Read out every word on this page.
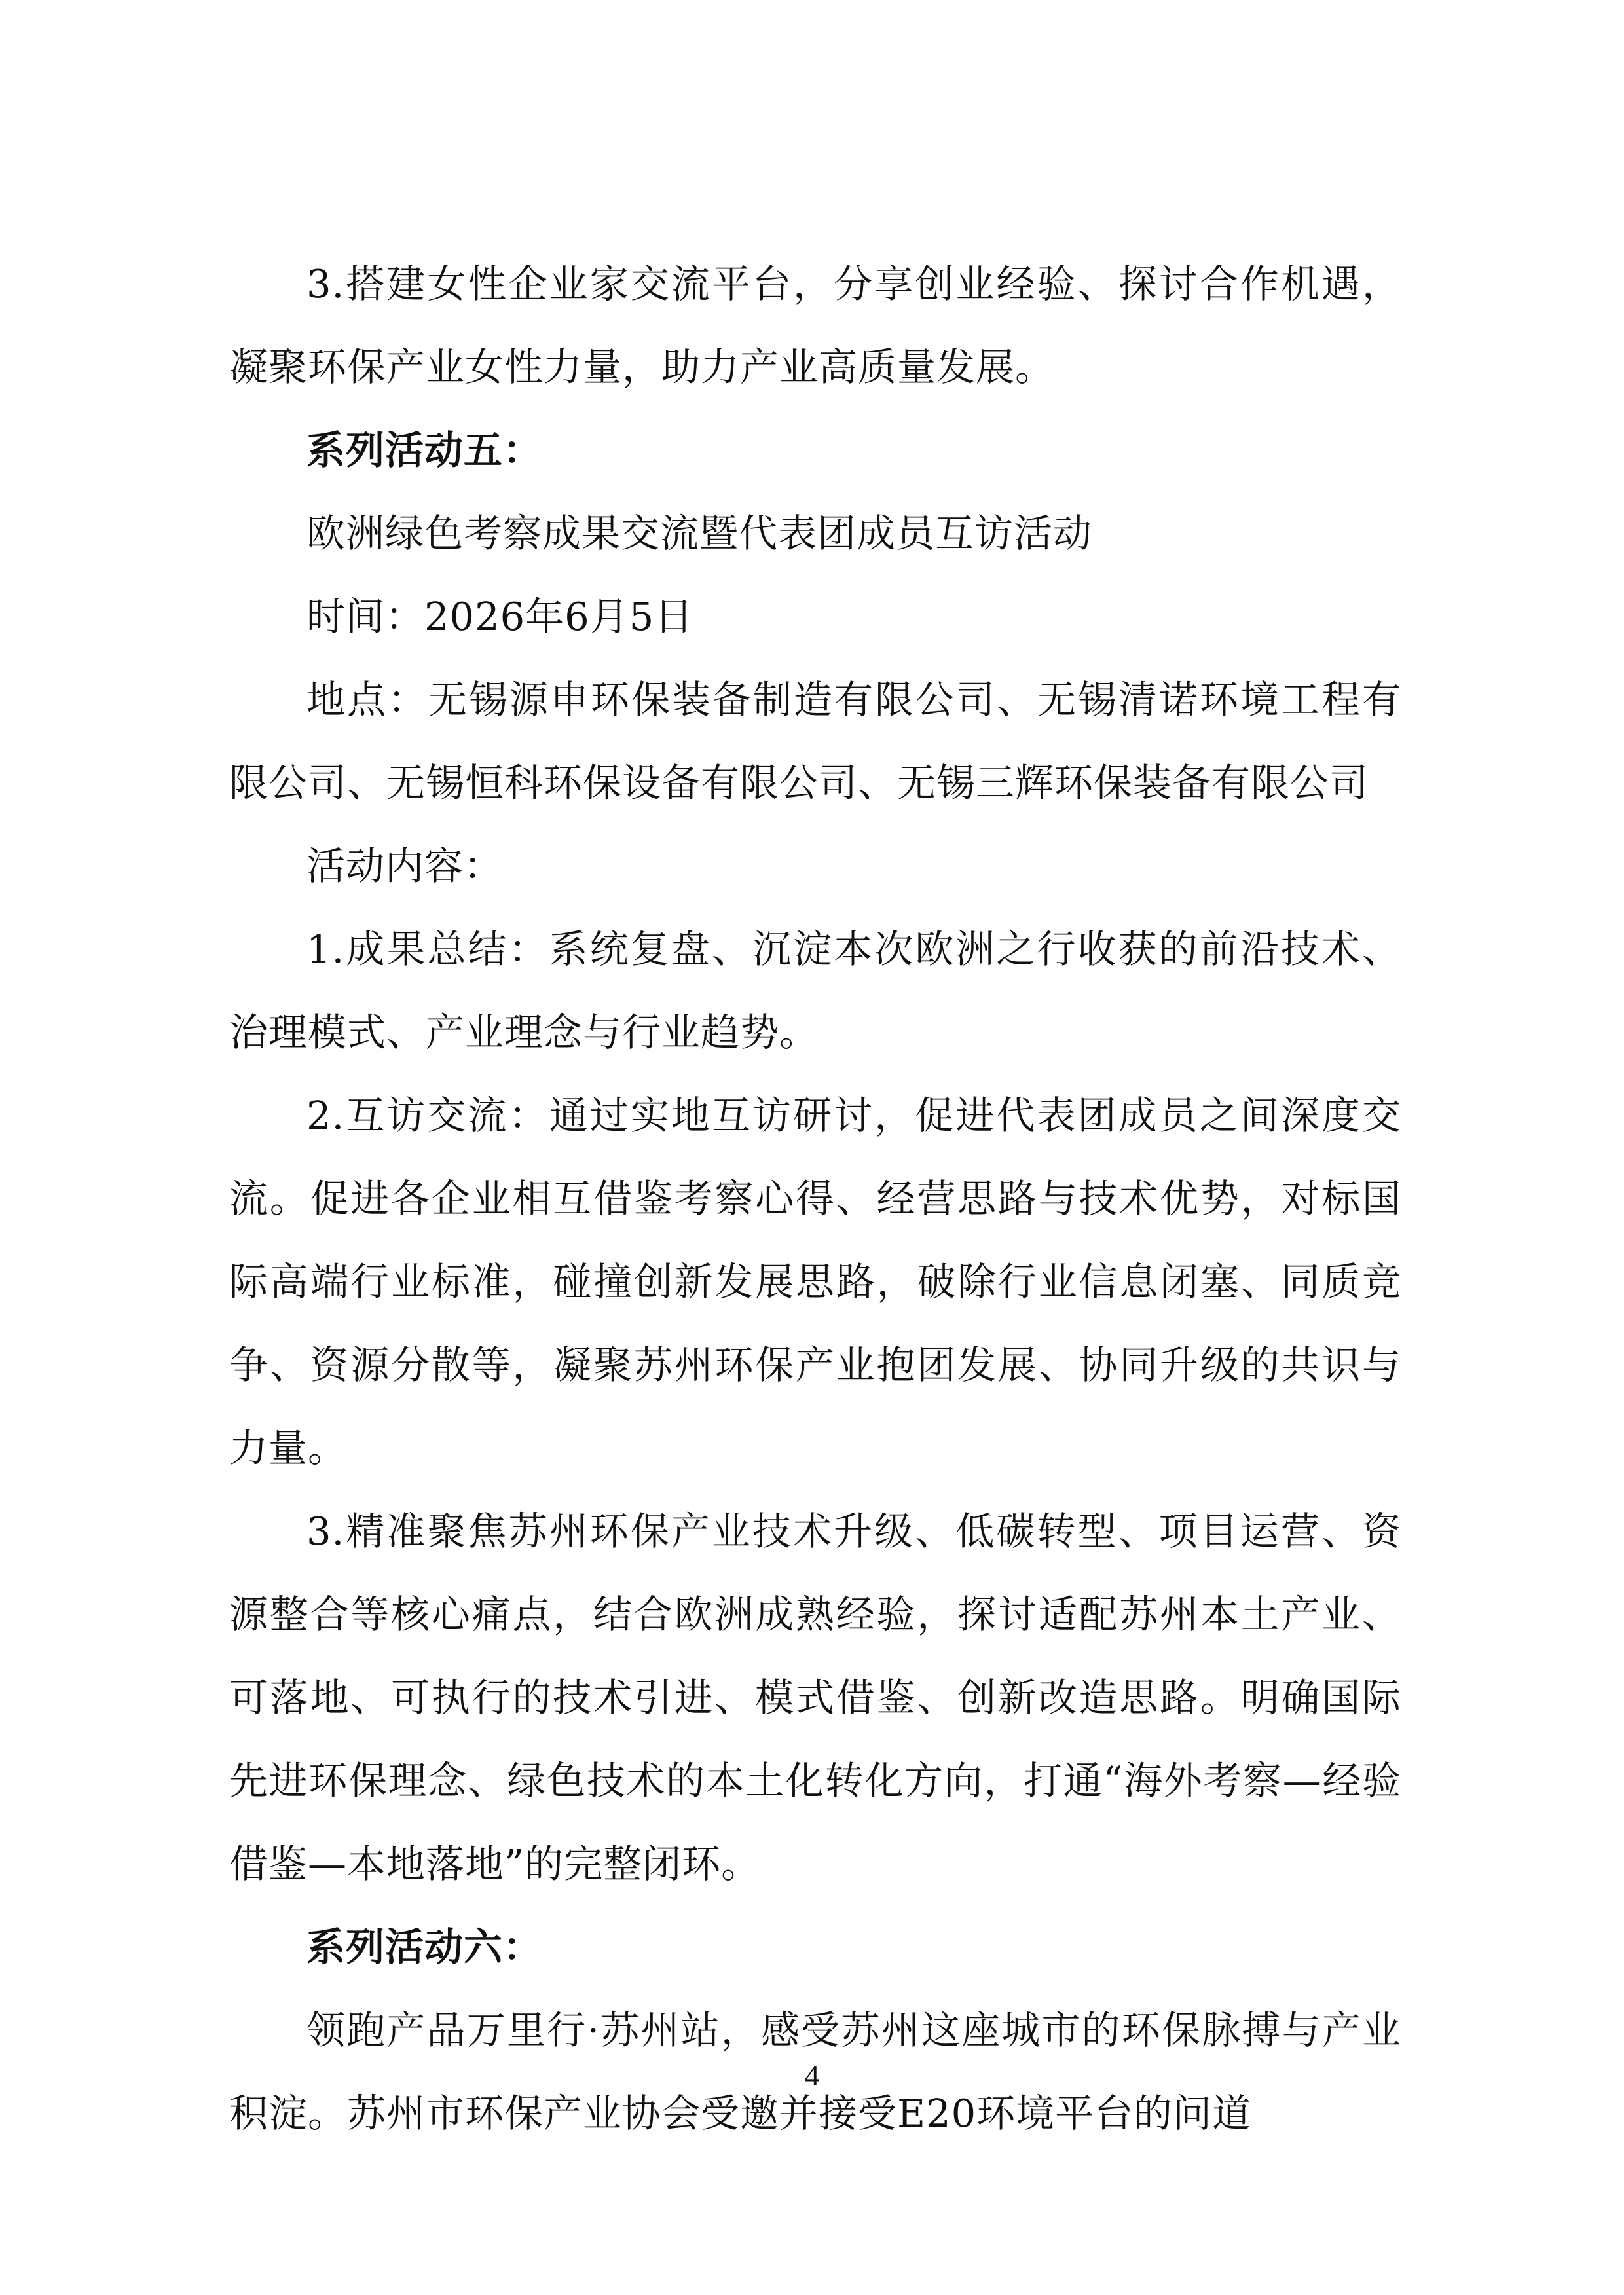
3.搭建女性企业家交流平台，分享创业经验、探讨合作机遇，凝聚环保产业女性力量，助力产业高质量发展。

系列活动五：

欧洲绿色考察成果交流暨代表团成员互访活动

时间：2026年6月5日

地点：无锡源申环保装备制造有限公司、无锡清诺环境工程有限公司、无锡恒科环保设备有限公司、无锡三辉环保装备有限公司

活动内容：

1.成果总结：系统复盘、沉淀本次欧洲之行收获的前沿技术、治理模式、产业理念与行业趋势。

2.互访交流：通过实地互访研讨，促进代表团成员之间深度交流。促进各企业相互借鉴考察心得、经营思路与技术优势，对标国际高端行业标准，碰撞创新发展思路，破除行业信息闭塞、同质竞争、资源分散等，凝聚苏州环保产业抱团发展、协同升级的共识与力量。

3.精准聚焦苏州环保产业技术升级、低碳转型、项目运营、资源整合等核心痛点，结合欧洲成熟经验，探讨适配苏州本土产业、可落地、可执行的技术引进、模式借鉴、创新改造思路。明确国际先进环保理念、绿色技术的本土化转化方向，打通“海外考察—经验借鉴—本地落地”的完整闭环。

系列活动六：

领跑产品万里行·苏州站，感受苏州这座城市的环保脉搏与产业积淀。苏州市环保产业协会受邀并接受E20环境平台的问道

4
